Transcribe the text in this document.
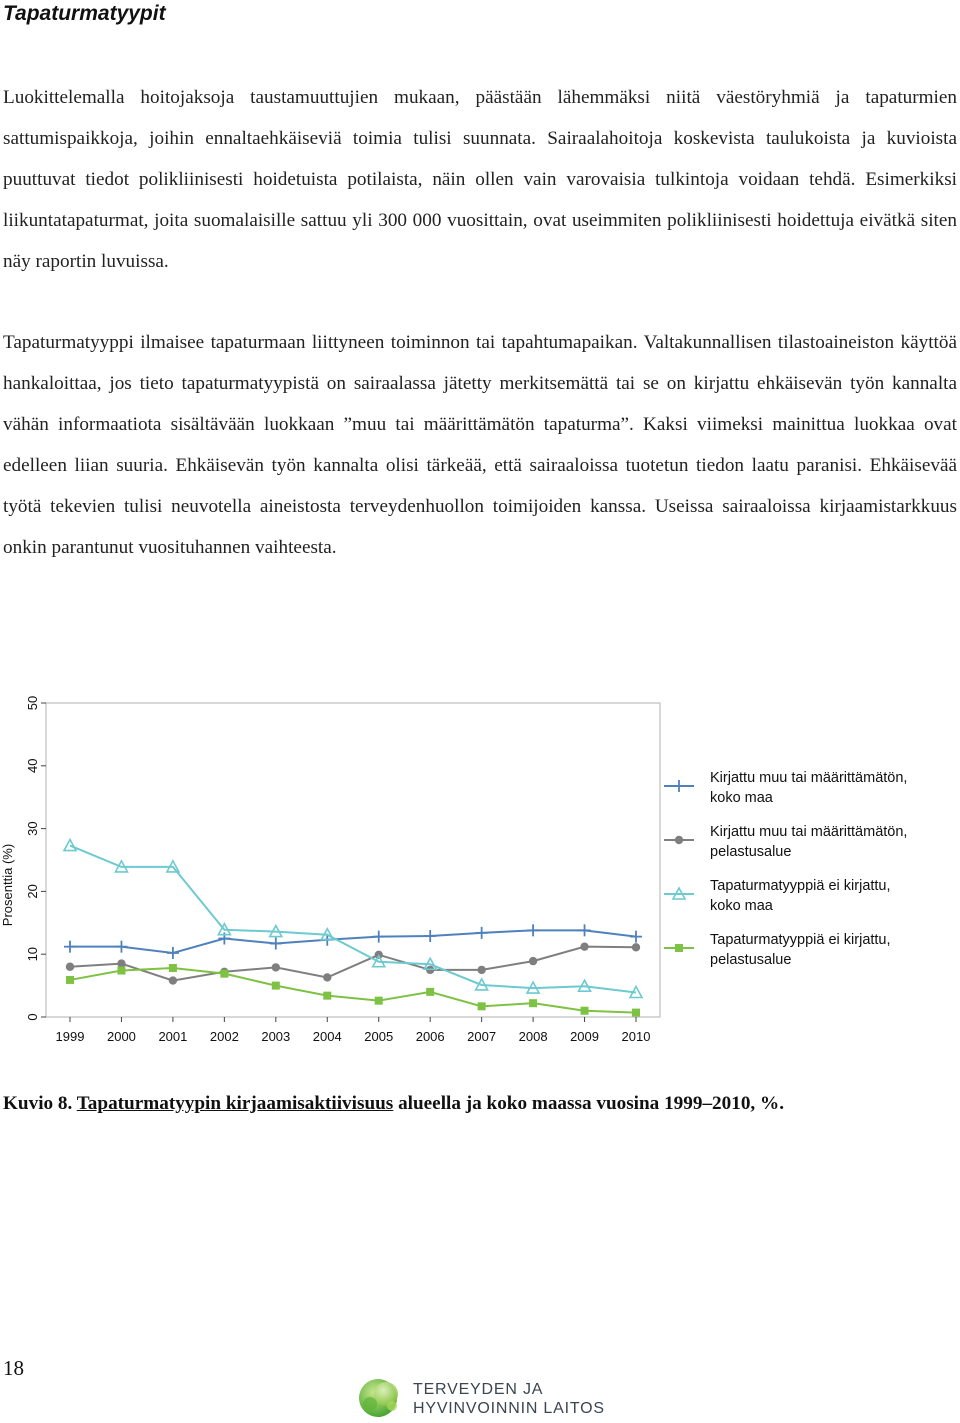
Tapaturmatyypit
Luokittelemalla hoitojaksoja taustamuuttujien mukaan, päästään lähemmäksi niitä väestöryhmiä ja tapaturmien sattumispaikkoja, joihin ennaltaehkäiseviä toimia tulisi suunnata. Sairaalahoitoja koskevista taulukoista ja kuvioista puuttuvat tiedot polikliinisesti hoidetuista potilaista, näin ollen vain varovaisia tulkintoja voidaan tehdä. Esimerkiksi liikuntatapaturmat, joita suomalaisille sattuu yli 300 000 vuosittain, ovat useimmiten polikliinisesti hoidettuja eivätkä siten näy raportin luvuissa.
Tapaturmatyyppi ilmaisee tapaturmaan liittyneen toiminnon tai tapahtumapaikan. Valtakunnallisen tilastoaineiston käyttöä hankaloittaa, jos tieto tapaturmatyypistä on sairaalassa jätetty merkitsemättä tai se on kirjattu ehkäisevän työn kannalta vähän informaatiota sisältävään luokkaan ”muu tai määrittämätön tapaturma”. Kaksi viimeksi mainittua luokkaa ovat edelleen liian suuria. Ehkäisevän työn kannalta olisi tärkeää, että sairaaloissa tuotetun tiedon laatu paranisi. Ehkäisevää työtä tekevien tulisi neuvotella aineistosta terveydenhuollon toimijoiden kanssa. Useissa sairaaloissa kirjaamistarkkuus onkin parantunut vuosituhannen vaihteesta.
0
10
20
30
40
50
Prosenttia (%)
1999 2000 2001 2002 2003 2004 2005 2006 2007 2008 2009 2010
Kirjattu muu tai määrittämätön,
koko maa
Kirjattu muu tai määrittämätön,
pelastusalue
Tapaturmatyyppiä ei kirjattu,
koko maa
Tapaturmatyyppiä ei kirjattu,
pelastusalue
Kuvio 8. Tapaturmatyypin kirjaamisaktiivisuus alueella ja koko maassa vuosina 1999–2010, %.
18
TERVEYDEN JA
HYVINVOINNIN LAITOS
